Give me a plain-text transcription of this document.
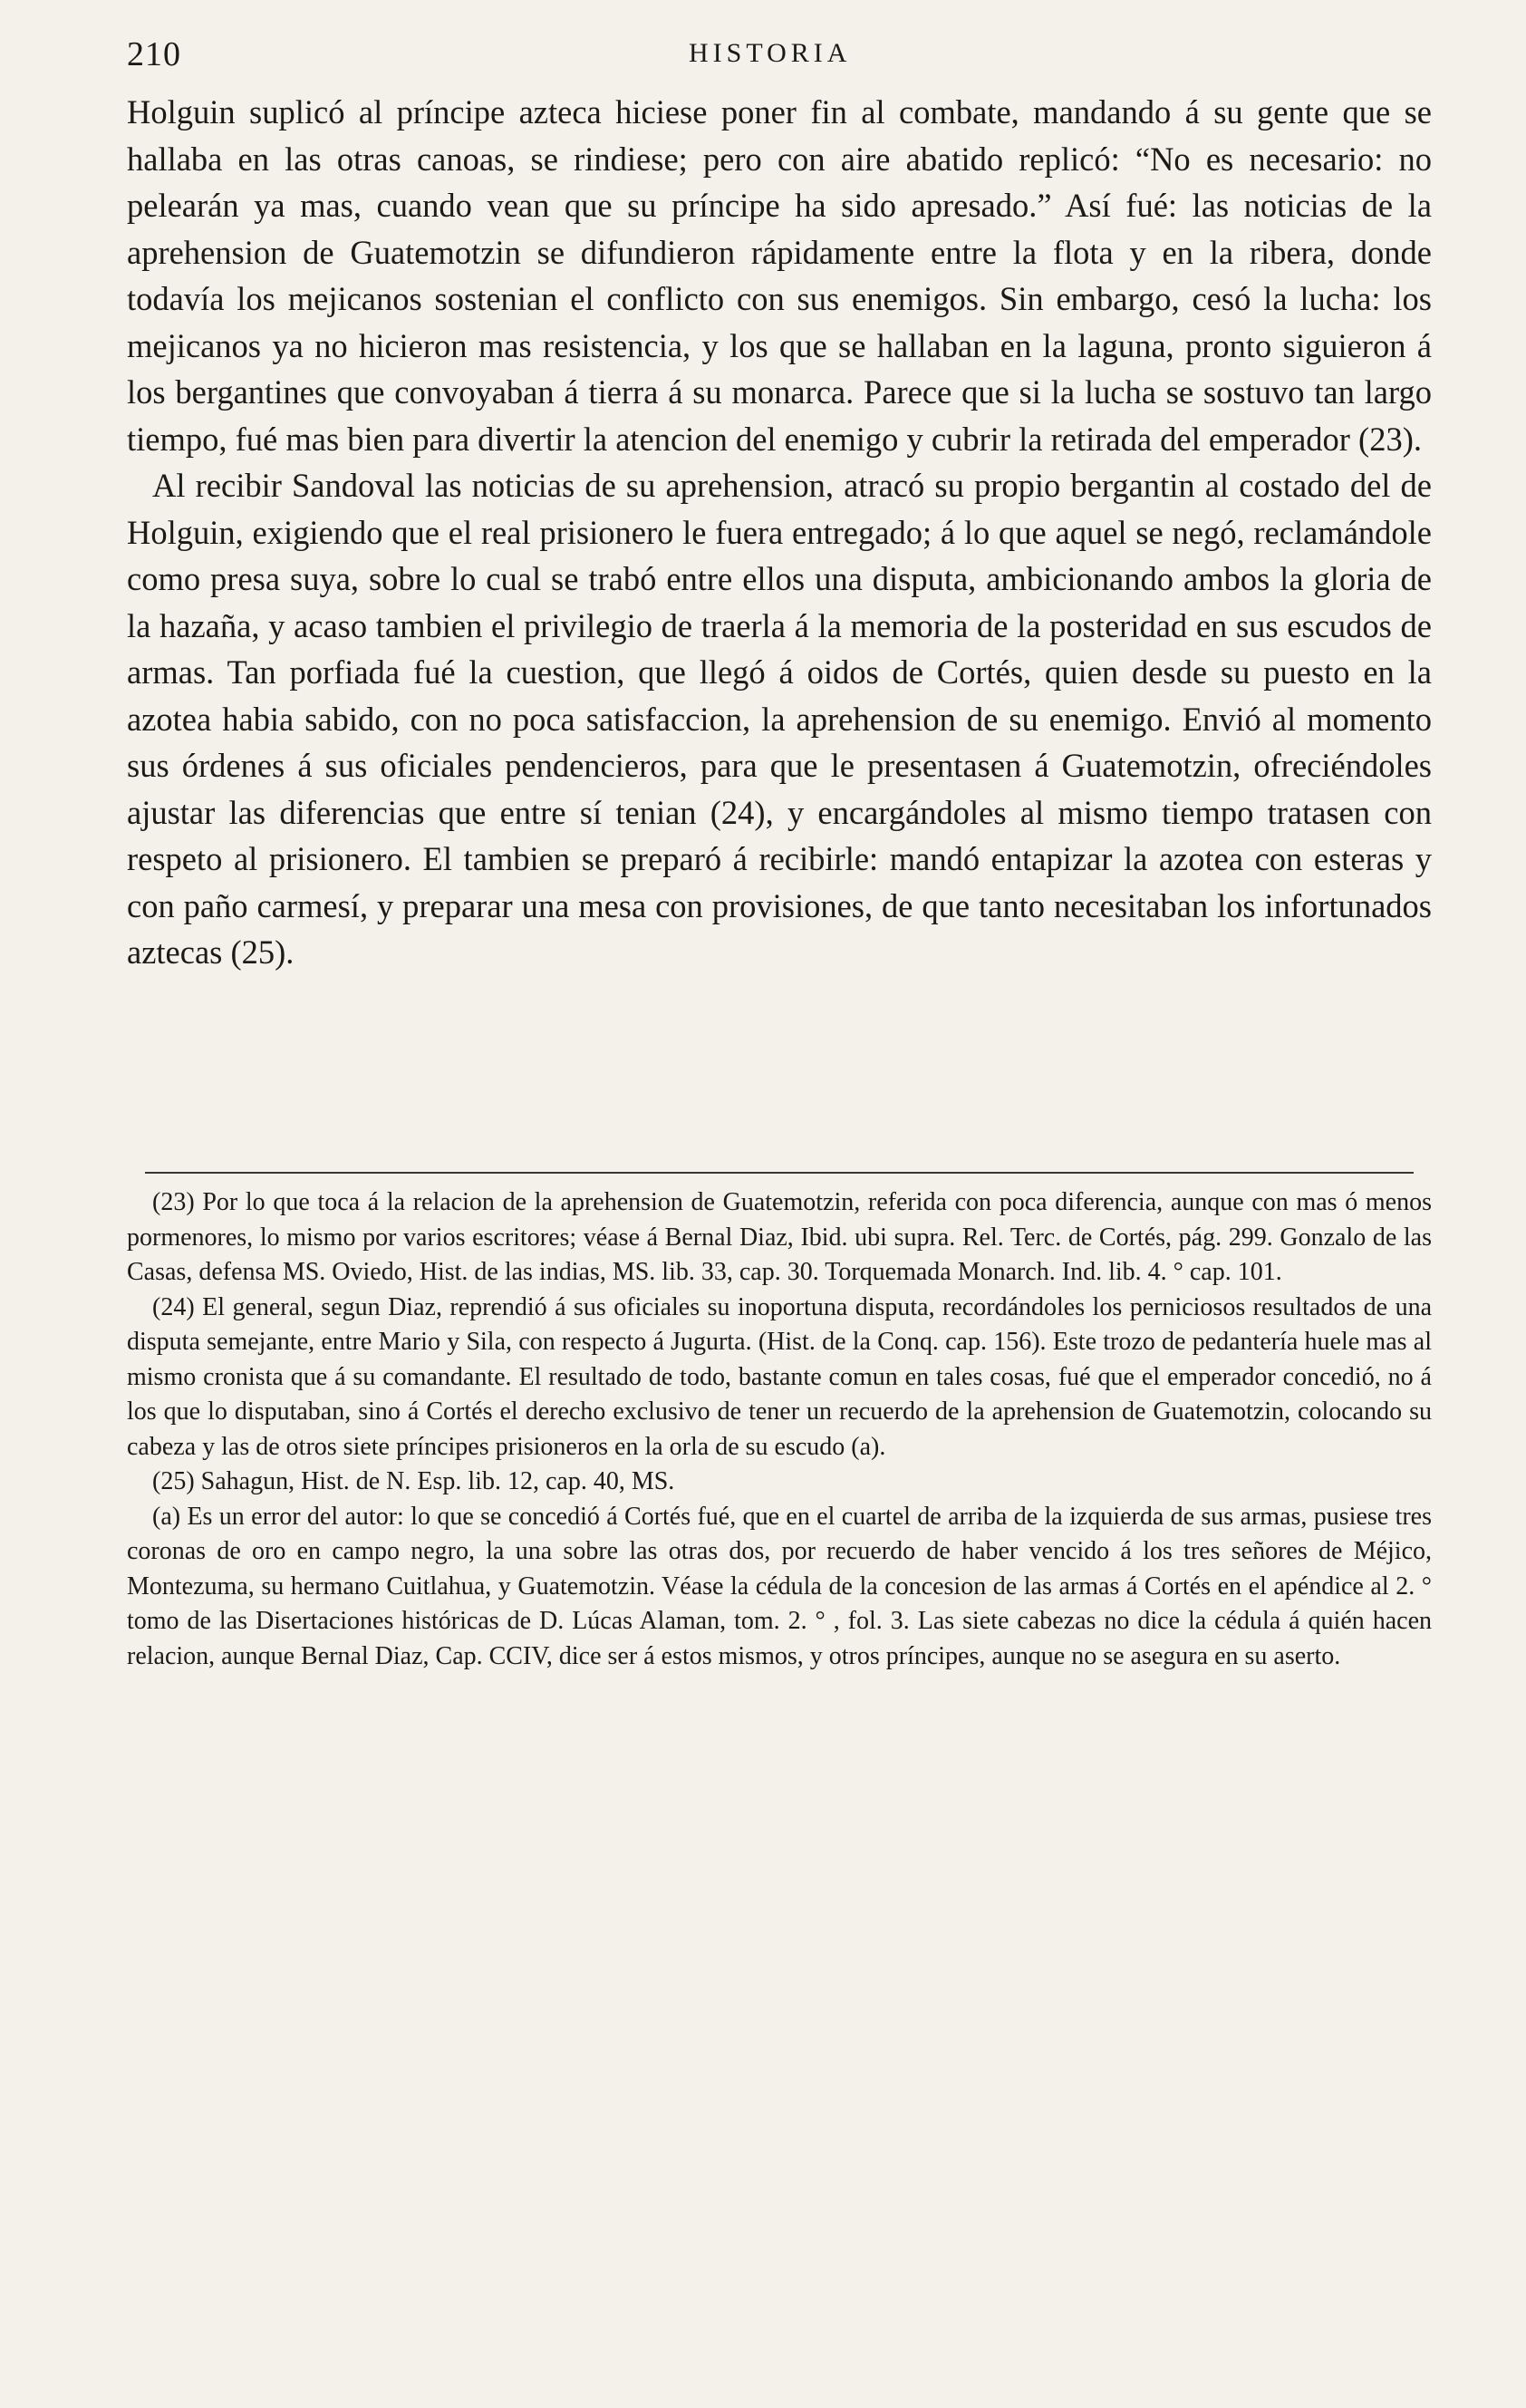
210	HISTORIA

Holguin suplicó al príncipe azteca hiciese poner fin al combate, mandando á su gente que se hallaba en las otras canoas, se rindiese; pero con aire abatido replicó: “No es necesario: no pelearán ya mas, cuando vean que su príncipe ha sido apresado.” Así fué: las noticias de la aprehension de Guatemotzin se difundieron rápidamente entre la flota y en la ribera, donde todavía los mejicanos sostenian el conflicto con sus enemigos. Sin embargo, cesó la lucha: los mejicanos ya no hicieron mas resistencia, y los que se hallaban en la laguna, pronto siguieron á los bergantines que convoyaban á tierra á su monarca. Parece que si la lucha se sostuvo tan largo tiempo, fué mas bien para divertir la atencion del enemigo y cubrir la retirada del emperador (23).

Al recibir Sandoval las noticias de su aprehension, atracó su propio bergantin al costado del de Holguin, exigiendo que el real prisionero le fuera entregado; á lo que aquel se negó, reclamándole como presa suya, sobre lo cual se trabó entre ellos una disputa, ambicionando ambos la gloria de la hazaña, y acaso tambien el privilegio de traerla á la memoria de la posteridad en sus escudos de armas. Tan porfiada fué la cuestion, que llegó á oidos de Cortés, quien desde su puesto en la azotea habia sabido, con no poca satisfaccion, la aprehension de su enemigo. Envió al momento sus órdenes á sus oficiales pendencieros, para que le presentasen á Guatemotzin, ofreciéndoles ajustar las diferencias que entre sí tenian (24), y encargándoles al mismo tiempo tratasen con respeto al prisionero. El tambien se preparó á recibirle: mandó entapizar la azotea con esteras y con paño carmesí, y preparar una mesa con provisiones, de que tanto necesitaban los infortunados aztecas (25).

(23) Por lo que toca á la relacion de la aprehension de Guatemotzin, referida con poca diferencia, aunque con mas ó menos pormenores, lo mismo por varios escritores; véase á Bernal Diaz, Ibid. ubi supra. Rel. Terc. de Cortés, pág. 299. Gonzalo de las Casas, defensa MS. Oviedo, Hist. de las indias, MS. lib. 33, cap. 30. Torquemada Monarch. Ind. lib. 4. ° cap. 101.

(24) El general, segun Diaz, reprendió á sus oficiales su inoportuna disputa, recordándoles los perniciosos resultados de una disputa semejante, entre Mario y Sila, con respecto á Jugurta. (Hist. de la Conq. cap. 156). Este trozo de pedantería huele mas al mismo cronista que á su comandante. El resultado de todo, bastante comun en tales cosas, fué que el emperador concedió, no á los que lo disputaban, sino á Cortés el derecho exclusivo de tener un recuerdo de la aprehension de Guatemotzin, colocando su cabeza y las de otros siete príncipes prisioneros en la orla de su escudo (a).

(25) Sahagun, Hist. de N. Esp. lib. 12, cap. 40, MS.

(a) Es un error del autor: lo que se concedió á Cortés fué, que en el cuartel de arriba de la izquierda de sus armas, pusiese tres coronas de oro en campo negro, la una sobre las otras dos, por recuerdo de haber vencido á los tres señores de Méjico, Montezuma, su hermano Cuitlahua, y Guatemotzin. Véase la cédula de la concesion de las armas á Cortés en el apéndice al 2. ° tomo de las Disertaciones históricas de D. Lúcas Alaman, tom. 2. ° , fol. 3. Las siete cabezas no dice la cédula á quién hacen relacion, aunque Bernal Diaz, Cap. CCIV, dice ser á estos mismos, y otros príncipes, aunque no se asegura en su aserto.
